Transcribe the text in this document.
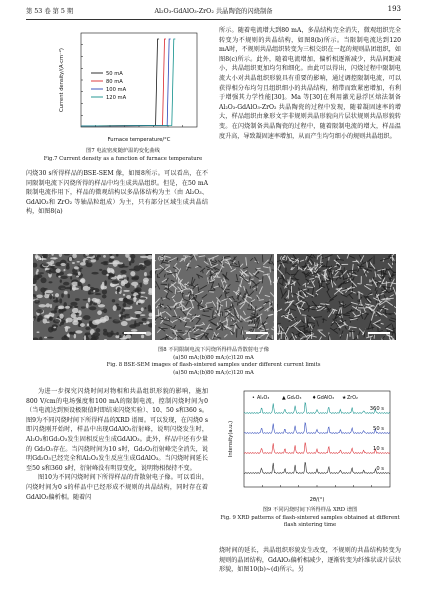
第 53 卷 第 5 期	Al₂O₃-GdAlO₃-ZrO₂ 共晶陶瓷的闪烧制备	193
50 mA
80 mA
100 mA
120 mA
Furnace temperature/°C
Current density/(A·cm⁻²)
图7 电流密度随炉温的变化曲线
Fig.7 Current density as a function of furnace temperature

闪烧30 s所得样品的BSE-SEM 像，如图8所示。可以看出，在不同限制电流下闪烧所得的样品中均生成共晶组织。但是，在50 mA限制电流作用下，样品的微观结构以多晶体结构为主（由 Al₂O₃、GdAlO₃和 ZrO₂ 等轴晶粒组成）为主，只有部分区域生成共晶结构，如图8(a)

所示。随着电流增大到80 mA，多晶结构完全消失，微观组织完全转变为不规则的共晶结构，如图8(b)所示。当限制电流达到120 mA时，不规则共晶组织转变为三相交织在一起的规则晶团组织，如图8(c)所示。此外，随着电流增加，偏析相逐渐减少，共晶间距减小，共晶组织更加均匀和细化。由此可以得出，闪烧过程中限制电流大小对共晶组织形貌具有重要的影响，通过调控限制电流，可以获得相分布均匀且组织细小的共晶结构，稍带而致紧密增加，有利于增强其力学性能[30]。Ma 等[30]在利用激光悬浮区熔法制备Al₂O₃-GdAlO₃-ZrO₂ 共晶陶瓷的过程中发现，随着凝固速率的增大，样品组织由象形文字非规则共晶形貌向片层状规则共晶形貌转变。在闪烧制备共晶陶瓷的过程中，随着限制电流的增大，样品温度升高，导致凝固速率增加，从而产生均匀细小的规则共晶组织。

(a)	(b)	(c)
图8 不同限制电流下闪烧所得样品背散射电子像
(a)50 mA;(b)80 mA;(c)120 mA
Fig. 8 BSE-SEM images of flash-sintered samples under different current limits
(a)50 mA;(b)80 mA;(c)120 mA

为进一步探究闪烧时间对物相和共晶组织形貌的影响，施加800 V/cm的电场强度和100 mA的限制电流，控制闪烧时间为0（当电流达到预设极限值时即结束闪烧实验）、10、50 s和360 s。图9为不同闪烧时间下所得样品的XRD 谱图。可以发现，在闪烧0 s 即闪烧刚开始时，样品中出现GdAlO₃衍射峰，说明闪烧发生时，Al₂O₃和Gd₂O₃发生固相反应生成GdAlO₃。此外，样品中还有少量的 Gd₂O₃存在。当闪烧时间为10 s时，Gd₂O₃衍射峰完全消失，说明Gd₂O₃已经完全和Al₂O₃发生反应生成GdAlO₃。当闪烧时间延长至50 s和360 s时，衍射峰没有明显变化，说明物相保持不变。

图10为不同闪烧时间下所得样品的背散射电子像。可以看出，闪烧时间为0 s的样品中已经形成不规则的共晶结构，同时存在着GdAlO₃偏析相。随着闪

0 s
10 s
50 s
360 s
• Al₂O₃	▲ Gd₂O₃ ♦ GdAlO₃ ★ ZrO₂
2θ/(°)
Intensity(a.u.)
图9 不同闪烧时间下所得样品 XRD 谱图
Fig. 9 XRD patterns of flash-sintered samples obtained at different flash sintering time

烧时间的延长，共晶组织形貌发生改变，不规则的共晶结构转变为规则的晶团结构，GdAlO₃偏析相减少，逐渐转变为纤维状或片层状形貌，如图10(b)~(d)所示。另
